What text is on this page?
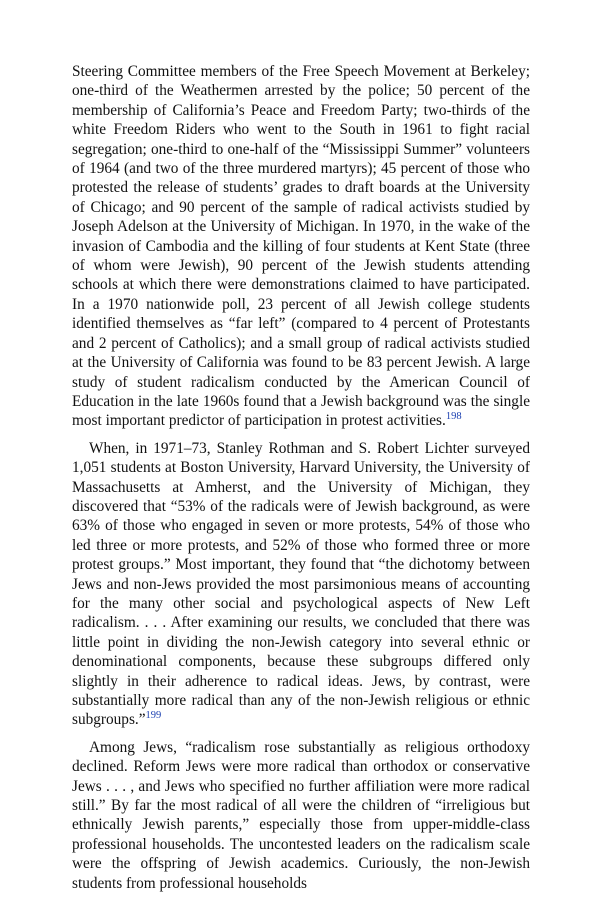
Steering Committee members of the Free Speech Movement at Berkeley; one-third of the Weathermen arrested by the police; 50 percent of the membership of California’s Peace and Freedom Party; two-thirds of the white Freedom Riders who went to the South in 1961 to fight racial segregation; one-third to one-half of the “Mississippi Summer” volunteers of 1964 (and two of the three murdered martyrs); 45 percent of those who protested the release of students’ grades to draft boards at the University of Chicago; and 90 percent of the sample of radical activists studied by Joseph Adelson at the University of Michigan. In 1970, in the wake of the invasion of Cambodia and the killing of four students at Kent State (three of whom were Jewish), 90 percent of the Jewish students attending schools at which there were demonstrations claimed to have participated. In a 1970 nationwide poll, 23 percent of all Jewish college students identified themselves as “far left” (compared to 4 percent of Protestants and 2 percent of Catholics); and a small group of radical activists studied at the University of California was found to be 83 percent Jewish. A large study of student radicalism conducted by the American Council of Education in the late 1960s found that a Jewish background was the single most important predictor of participation in protest activities.$^{198}$

When, in 1971–73, Stanley Rothman and S. Robert Lichter surveyed 1,051 students at Boston University, Harvard University, the University of Massachusetts at Amherst, and the University of Michigan, they discovered that “53% of the radicals were of Jewish background, as were 63% of those who engaged in seven or more protests, 54% of those who led three or more protests, and 52% of those who formed three or more protest groups.” Most important, they found that “the dichotomy between Jews and non-Jews provided the most parsimonious means of accounting for the many other social and psychological aspects of New Left radicalism. . . . After examining our results, we concluded that there was little point in dividing the non-Jewish category into several ethnic or denominational components, because these subgroups differed only slightly in their adherence to radical ideas. Jews, by contrast, were substantially more radical than any of the non-Jewish religious or ethnic subgroups.”$^{199}$

Among Jews, “radicalism rose substantially as religious orthodoxy declined. Reform Jews were more radical than orthodox or conservative Jews . . . , and Jews who specified no further affiliation were more radical still.” By far the most radical of all were the children of “irreligious but ethnically Jewish parents,” especially those from upper-middle-class professional households. The uncontested leaders on the radicalism scale were the offspring of Jewish academics. Curiously, the non-Jewish students from professional households
